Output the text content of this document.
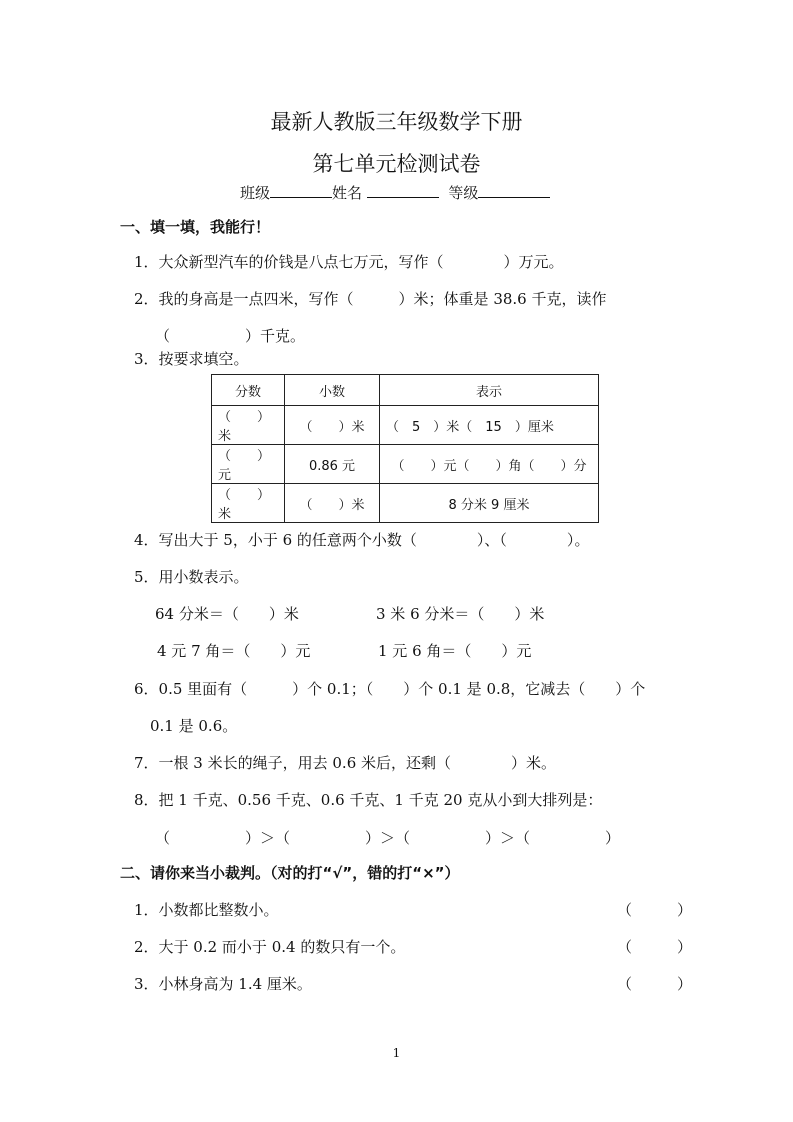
最新人教版三年级数学下册
第七单元检测试卷
班级	姓名	等级
一、填一填，我能行！
1．大众新型汽车的价钱是八点七万元，写作（　　　　）万元。
2．我的身高是一点四米，写作（　　　）米；体重是 38.6 千克，读作
（　　　　　）千克。
3．按要求填空。
分数	小数	表示
（　　）米	（　　）米	（　5　）米（　15　）厘米
（　　）元	0.86 元	（　　）元（　　）角（　　）分
（　　）米	（　　）米	8 分米 9 厘米
4．写出大于 5，小于 6 的任意两个小数（　　　　）、（　　　　）。
5．用小数表示。
64 分米＝（　　）米	3 米 6 分米＝（　　）米
4 元 7 角＝（　　）元	1 元 6 角＝（　　）元
6．0.5 里面有（　　　）个 0.1；（　　）个 0.1 是 0.8，它减去（　　）个
0.1 是 0.6。
7．一根 3 米长的绳子，用去 0.6 米后，还剩（　　　　）米。
8．把 1 千克、0.56 千克、0.6 千克、1 千克 20 克从小到大排列是：
（　　　　　）＞（　　　　　）＞（　　　　　）＞（　　　　　）
二、请你来当小裁判。（对的打“√”，错的打“×”）
1．小数都比整数小。	（　　　）
2．大于 0.2 而小于 0.4 的数只有一个。	（　　　）
3．小林身高为 1.4 厘米。	（　　　）
1
